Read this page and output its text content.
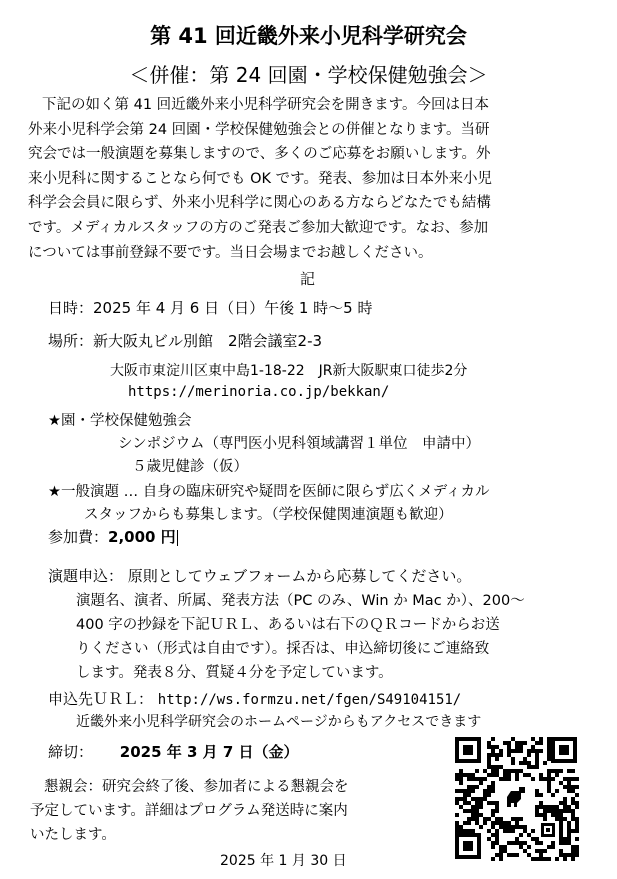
第 41 回近畿外来小児科学研究会
＜併催：第 24 回園・学校保健勉強会＞
下記の如く第 41 回近畿外来小児科学研究会を開きます。今回は日本
外来小児科学会第 24 回園・学校保健勉強会との併催となります。当研
究会では一般演題を募集しますので、多くのご応募をお願いします。外
来小児科に関することなら何でも OK です。発表、参加は日本外来小児
科学会会員に限らず、外来小児科学に関心のある方ならどなたでも結構
です。メディカルスタッフの方のご発表ご参加大歓迎です。なお、参加
については事前登録不要です。当日会場までお越しください。
記
日時：2025 年 4 月 6 日（日）午後 1 時～5 時
場所：新大阪丸ビル別館　2階会議室2-3
大阪市東淀川区東中島1-18-22　JR新大阪駅東口徒歩2分
https://merinoria.co.jp/bekkan/
★園・学校保健勉強会
シンポジウム（専門医小児科領域講習１単位　申請中）
５歳児健診（仮）
★一般演題 … 自身の臨床研究や疑問を医師に限らず広くメディカル
スタッフからも募集します。（学校保健関連演題も歓迎）
参加費：2,000 円
演題申込： 原則としてウェブフォームから応募してください。
演題名、演者、所属、発表方法（PC のみ、Win か Mac か）、200～
400 字の抄録を下記ＵＲＬ、あるいは右下のＱＲコードからお送
りください（形式は自由です）。採否は、申込締切後にご連絡致
します。発表８分、質疑４分を予定しています。
申込先ＵＲＬ： http://ws.formzu.net/fgen/S49104151/
近畿外来小児科学研究会のホームページからもアクセスできます
締切： 2025 年 3 月 7 日（金）
懇親会：研究会終了後、参加者による懇親会を
予定しています。詳細はプログラム発送時に案内
いたします。
2025 年 1 月 30 日
